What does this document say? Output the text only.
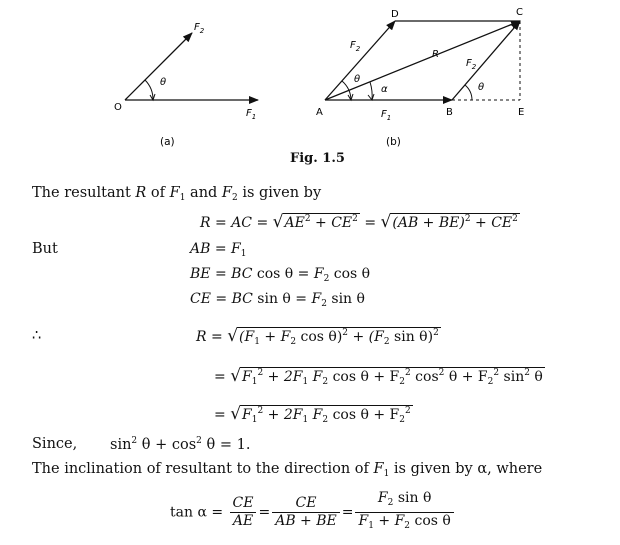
O
$F_1$
$F_2$
θ
(a)
A	B
C
D
E
R
$F_1$
$F_2$
$F_2$
θ
α	θ
(b)
Fig. 1.5
The resultant R of $F_1$ and $F_2$ is given by
R = AC = $√AE^2 + CE^2 = √(AB + BE)^2 + CE^2$
But	AB = $F_1$
BE = BC $\cos \theta = F_2$ cos θ
CE = BC $\sin \theta = F_2$ sin θ
∴	$R = √(F_1 + F_2$ $\cos \theta)^2 + (F_2$ sin θ)$^2$
= $√F_1^2 + 2F_1$ $F_2$ $\cos \theta + F_2^2$ $\cos^2 \theta + F_2^2$ $\sin^2 \theta$
= $√F_1^2 + 2F_1$ $F_2$ $\cos \theta + F_2^2$
Since, $\sin^2 \theta + \cos^2 \theta = 1$.
The inclination of resultant to the direction of $F_1$ is given by α, where
$\tan \alpha = \frac{CE}{AE} = \frac{CE}{AB + BE} = \frac{F_2 \sin \theta}{F_1 + F_2 \cos \theta}$
